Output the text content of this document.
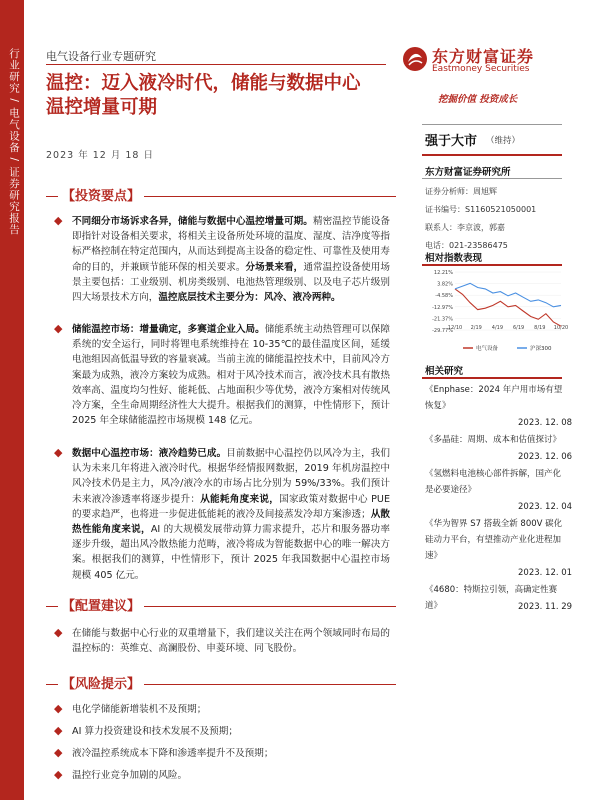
行业研究 / 电气设备 / 证券研究报告 电气设备行业专题研究
温控：迈入液冷时代，储能与数据中心
温控增量可期
2023 年 12 月 18 日
东方财富证券
Eastmoney Securities
挖掘价值 投资成长
强于大市 （维持）
东方财富证券研究所
证券分析师：周旭辉
证书编号：S1160521050001
联系人：李京波，郭嘉
电话：021-23586475
相对指数表现
12.21%
3.82%
-4.58%
-12.97%
-21.37%
-29.77%
12/10 2/19 4/19 6/19 8/19 10/20
电气设备	沪深300
相关研究
《Enphase：2024 年户用市场有望恢复》
2023. 12. 08
《多晶硅：周期、成本和估值探讨》
2023. 12. 06
《氢燃料电池核心部件拆解，国产化是必要途径》
2023. 12. 04
《华为智界 S7 搭载全新 800V 碳化硅动力平台，有望推动产业化进程加速》
2023. 12. 01
《4680：特斯拉引领，高确定性赛道》	2023. 11. 29
【投资要点】
◆ 不同细分市场诉求各异，储能与数据中心温控增量可期。精密温控节能设备即指针对设备相关要求，将相关主设备所处环境的温度、湿度、洁净度等指标严格控制在特定范围内，从而达到提高主设备的稳定性、可靠性及使用寿命的目的，并兼顾节能环保的相关要求。分场景来看，通常温控设备使用场景主要包括：工业级别、机房类级别、电池热管理级别、以及电子芯片级别四大场景技术方向，温控底层技术主要分为：风冷、液冷两种。
◆ 储能温控市场：增量确定，多赛道企业入局。储能系统主动热管理可以保障系统的安全运行，同时将锂电系统维持在 10-35℃的最佳温度区间，延缓电池组因高低温导致的容量衰减。当前主流的储能温控技术中，目前风冷方案最为成熟，液冷方案较为成熟。相对于风冷技术而言，液冷技术具有散热效率高、温度均匀性好、能耗低、占地面积少等优势，液冷方案相对传统风冷方案，全生命周期经济性大大提升。根据我们的测算，中性情形下，预计 2025 年全球储能温控市场规模 148 亿元。
◆ 数据中心温控市场：液冷趋势已成。目前数据中心温控仍以风冷为主，我们认为未来几年将进入液冷时代。根据华经情报网数据，2019 年机房温控中风冷技术仍是主力，风冷/液冷水的市场占比分别为 59%/33%。我们预计未来液冷渗透率将逐步提升：从能耗角度来说，国家政策对数据中心 PUE 的要求趋严，也将进一步促进低能耗的液冷及间接蒸发冷却方案渗透；从散热性能角度来说，AI 的大规模发展带动算力需求提升，芯片和服务器功率逐步升级，超出风冷散热能力范畴，液冷将成为智能数据中心的唯一解决方案。根据我们的测算，中性情形下，预计 2025 年我国数据中心温控市场规模 405 亿元。
【配置建议】
◆ 在储能与数据中心行业的双重增量下，我们建议关注在两个领域同时布局的温控标的：英维克、高澜股份、申菱环境、同飞股份。
【风险提示】
◆ 电化学储能新增装机不及预期；
◆ AI 算力投资建设和技术发展不及预期；
◆ 液冷温控系统成本下降和渗透率提升不及预期；
◆ 温控行业竞争加剧的风险。
